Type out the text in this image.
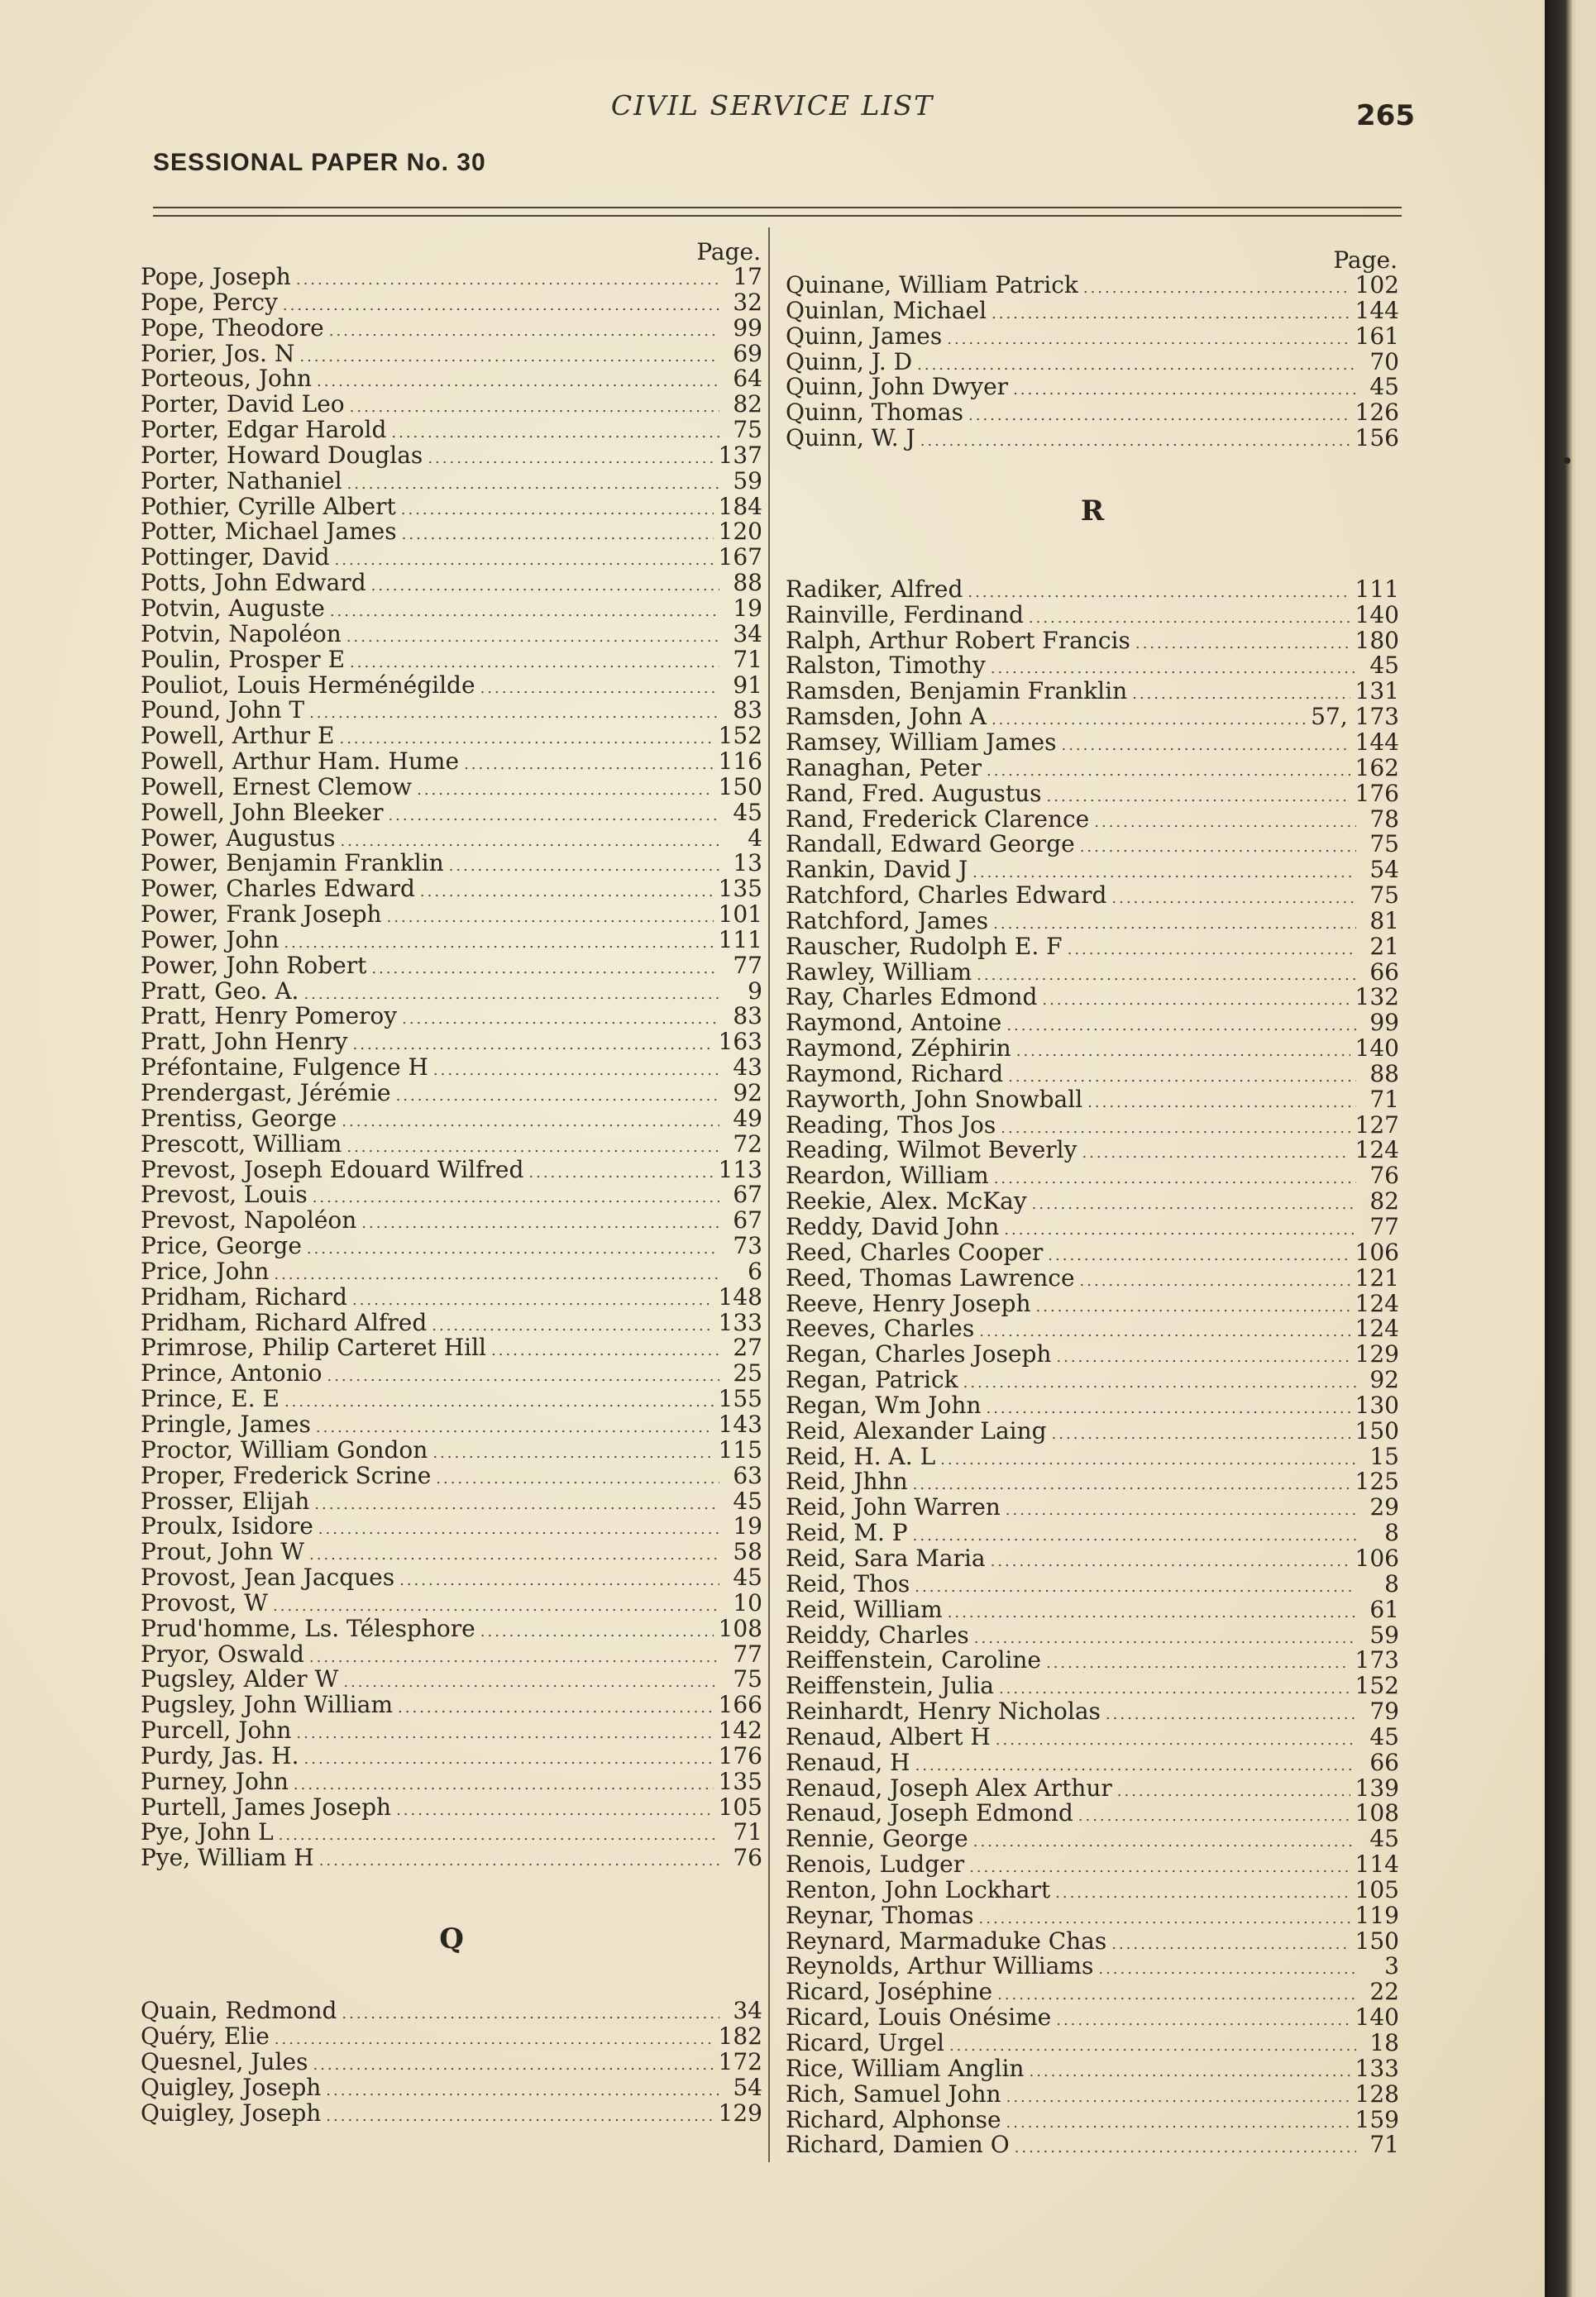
CIVIL SERVICE LIST	265
SESSIONAL PAPER No. 30
Page.
Pope, Joseph .....	17
Pope, Percy .....	32
Pope, Theodore .....	99
Porier, Jos. N .....	69
Porteous, John .....	64
Porter, David Leo .....	82
Porter, Edgar Harold .....	75
Porter, Howard Douglas .....	137
Porter, Nathaniel .....	59
Pothier, Cyrille Albert .....	184
Potter, Michael James .....	120
Pottinger, David .....	167
Potts, John Edward .....	88
Potvin, Auguste .....	19
Potvin, Napoléon .....	34
Poulin, Prosper E .....	71
Pouliot, Louis Herménégilde .....	91
Pound, John T .....	83
Powell, Arthur E .....	152
Powell, Arthur Ham. Hume .....	116
Powell, Ernest Clemow .....	150
Powell, John Bleeker .....	45
Power, Augustus .....	4
Power, Benjamin Franklin .....	13
Power, Charles Edward .....	135
Power, Frank Joseph .....	101
Power, John .....	111
Power, John Robert .....	77
Pratt, Geo. A. .....	9
Pratt, Henry Pomeroy .....	83
Pratt, John Henry .....	163
Préfontaine, Fulgence H .....	43
Prendergast, Jérémie .....	92
Prentiss, George .....	49
Prescott, William .....	72
Prevost, Joseph Edouard Wilfred .....	113
Prevost, Louis .....	67
Prevost, Napoléon .....	67
Price, George .....	73
Price, John .....	6
Pridham, Richard .....	148
Pridham, Richard Alfred .....	133
Primrose, Philip Carteret Hill .....	27
Prince, Antonio .....	25
Prince, E. E .....	155
Pringle, James .....	143
Proctor, William Gondon .....	115
Proper, Frederick Scrine .....	63
Prosser, Elijah .....	45
Proulx, Isidore .....	19
Prout, John W .....	58
Provost, Jean Jacques .....	45
Provost, W .....	10
Prud'homme, Ls. Télesphore .....	108
Pryor, Oswald .....	77
Pugsley, Alder W .....	75
Pugsley, John William .....	166
Purcell, John .....	142
Purdy, Jas. H. .....	176
Purney, John .....	135
Purtell, James Joseph .....	105
Pye, John L .....	71
Pye, William H .....	76
Q
Quain, Redmond .....	34
Quéry, Elie .....	182
Quesnel, Jules .....	172
Quigley, Joseph .....	54
Quigley, Joseph .....	129
Page.
Quinane, William Patrick .....	102
Quinlan, Michael .....	144
Quinn, James .....	161
Quinn, J. D .....	70
Quinn, John Dwyer .....	45
Quinn, Thomas .....	126
Quinn, W. J .....	156
R
Radiker, Alfred .....	111
Rainville, Ferdinand .....	140
Ralph, Arthur Robert Francis .....	180
Ralston, Timothy .....	45
Ramsden, Benjamin Franklin .....	131
Ramsden, John A .....	57, 173
Ramsey, William James .....	144
Ranaghan, Peter .....	162
Rand, Fred. Augustus .....	176
Rand, Frederick Clarence .....	78
Randall, Edward George .....	75
Rankin, David J .....	54
Ratchford, Charles Edward .....	75
Ratchford, James .....	81
Rauscher, Rudolph E. F .....	21
Rawley, William .....	66
Ray, Charles Edmond .....	132
Raymond, Antoine .....	99
Raymond, Zéphirin .....	140
Raymond, Richard .....	88
Rayworth, John Snowball .....	71
Reading, Thos Jos .....	127
Reading, Wilmot Beverly .....	124
Reardon, William .....	76
Reekie, Alex. McKay .....	82
Reddy, David John .....	77
Reed, Charles Cooper .....	106
Reed, Thomas Lawrence .....	121
Reeve, Henry Joseph .....	124
Reeves, Charles .....	124
Regan, Charles Joseph .....	129
Regan, Patrick .....	92
Regan, Wm John .....	130
Reid, Alexander Laing .....	150
Reid, H. A. L .....	15
Reid, Jhhn .....	125
Reid, John Warren .....	29
Reid, M. P .....	8
Reid, Sara Maria .....	106
Reid, Thos .....	8
Reid, William .....	61
Reiddy, Charles .....	59
Reiffenstein, Caroline .....	173
Reiffenstein, Julia .....	152
Reinhardt, Henry Nicholas .....	79
Renaud, Albert H .....	45
Renaud, H .....	66
Renaud, Joseph Alex Arthur .....	139
Renaud, Joseph Edmond .....	108
Rennie, George .....	45
Renois, Ludger .....	114
Renton, John Lockhart .....	105
Reynar, Thomas .....	119
Reynard, Marmaduke Chas .....	150
Reynolds, Arthur Williams .....	3
Ricard, Joséphine .....	22
Ricard, Louis Onésime .....	140
Ricard, Urgel .....	18
Rice, William Anglin .....	133
Rich, Samuel John .....	128
Richard, Alphonse .....	159
Richard, Damien O .....	71
